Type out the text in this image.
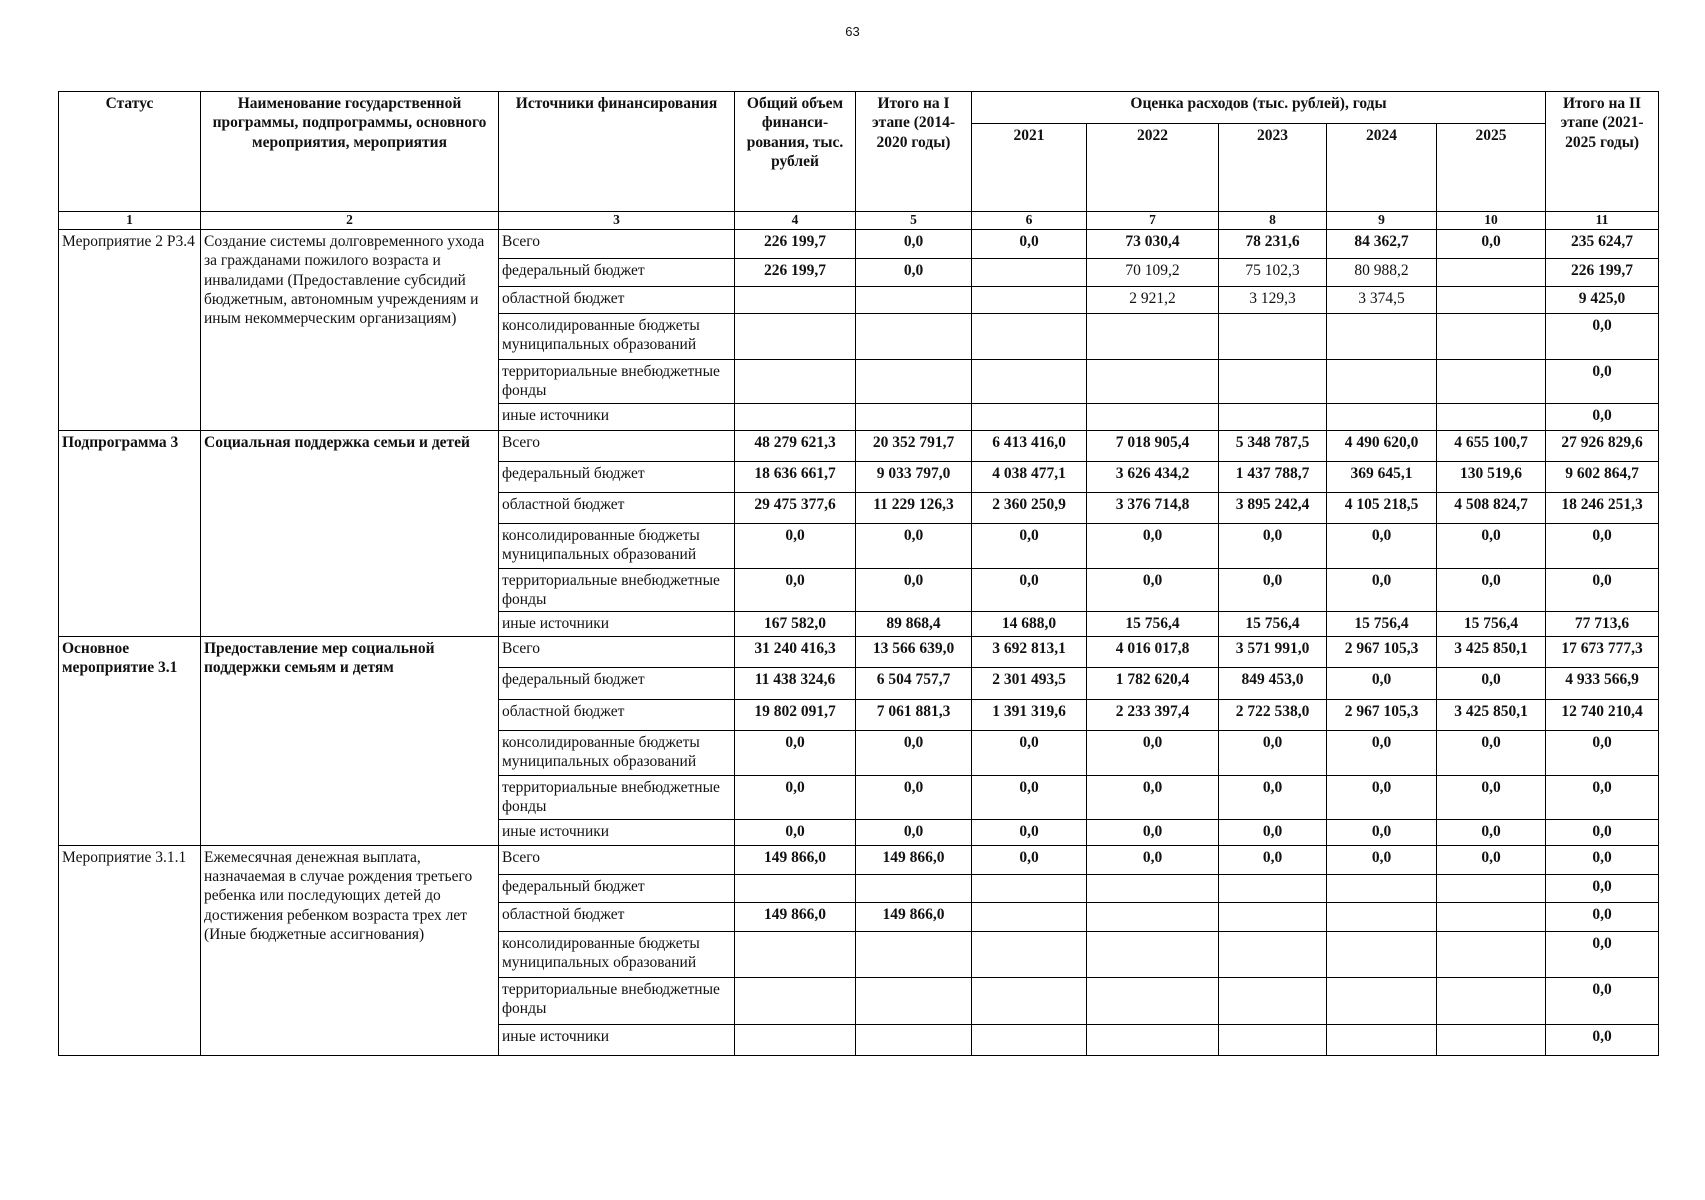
63
Статус	Наименование государственной программы, подпрограммы, основного мероприятия, мероприятия	Источники финансирования	Общий объем финанси-рования, тыс. рублей	Итого на I этапе (2014-2020 годы)	Оценка расходов (тыс. рублей), годы					Итого на II этапе (2021-2025 годы)
					2021	2022	2023	2024	2025	
1	2	3	4	5	6	7	8	9	10	11
Мероприятие 2 Р3.4	Создание системы долговременного ухода за гражданами пожилого возраста и инвалидами (Предоставление субсидий бюджетным, автономным учреждениям и иным некоммерческим организациям)	Всего	226 199,7	0,0	0,0	73 030,4	78 231,6	84 362,7	0,0	235 624,7
		федеральный бюджет	226 199,7	0,0		70 109,2	75 102,3	80 988,2		226 199,7
		областной бюджет				2 921,2	3 129,3	3 374,5		9 425,0
		консолидированные бюджеты муниципальных образований								0,0
		территориальные внебюджетные фонды								0,0
		иные источники								0,0
Подпрограмма 3	Социальная поддержка семьи и детей	Всего	48 279 621,3	20 352 791,7	6 413 416,0	7 018 905,4	5 348 787,5	4 490 620,0	4 655 100,7	27 926 829,6
		федеральный бюджет	18 636 661,7	9 033 797,0	4 038 477,1	3 626 434,2	1 437 788,7	369 645,1	130 519,6	9 602 864,7
		областной бюджет	29 475 377,6	11 229 126,3	2 360 250,9	3 376 714,8	3 895 242,4	4 105 218,5	4 508 824,7	18 246 251,3
		консолидированные бюджеты муниципальных образований	0,0	0,0	0,0	0,0	0,0	0,0	0,0	0,0
		территориальные внебюджетные фонды	0,0	0,0	0,0	0,0	0,0	0,0	0,0	0,0
		иные источники	167 582,0	89 868,4	14 688,0	15 756,4	15 756,4	15 756,4	15 756,4	77 713,6
Основное мероприятие 3.1	Предоставление мер социальной поддержки семьям и детям	Всего	31 240 416,3	13 566 639,0	3 692 813,1	4 016 017,8	3 571 991,0	2 967 105,3	3 425 850,1	17 673 777,3
		федеральный бюджет	11 438 324,6	6 504 757,7	2 301 493,5	1 782 620,4	849 453,0	0,0	0,0	4 933 566,9
		областной бюджет	19 802 091,7	7 061 881,3	1 391 319,6	2 233 397,4	2 722 538,0	2 967 105,3	3 425 850,1	12 740 210,4
		консолидированные бюджеты муниципальных образований	0,0	0,0	0,0	0,0	0,0	0,0	0,0	0,0
		территориальные внебюджетные фонды	0,0	0,0	0,0	0,0	0,0	0,0	0,0	0,0
		иные источники	0,0	0,0	0,0	0,0	0,0	0,0	0,0	0,0
Мероприятие 3.1.1	Ежемесячная денежная выплата, назначаемая в случае рождения третьего ребенка или последующих детей до достижения ребенком возраста трех лет (Иные бюджетные ассигнования)	Всего	149 866,0	149 866,0	0,0	0,0	0,0	0,0	0,0	0,0
		федеральный бюджет								0,0
		областной бюджет	149 866,0	149 866,0						0,0
		консолидированные бюджеты муниципальных образований								0,0
		территориальные внебюджетные фонды								0,0
		иные источники								0,0
